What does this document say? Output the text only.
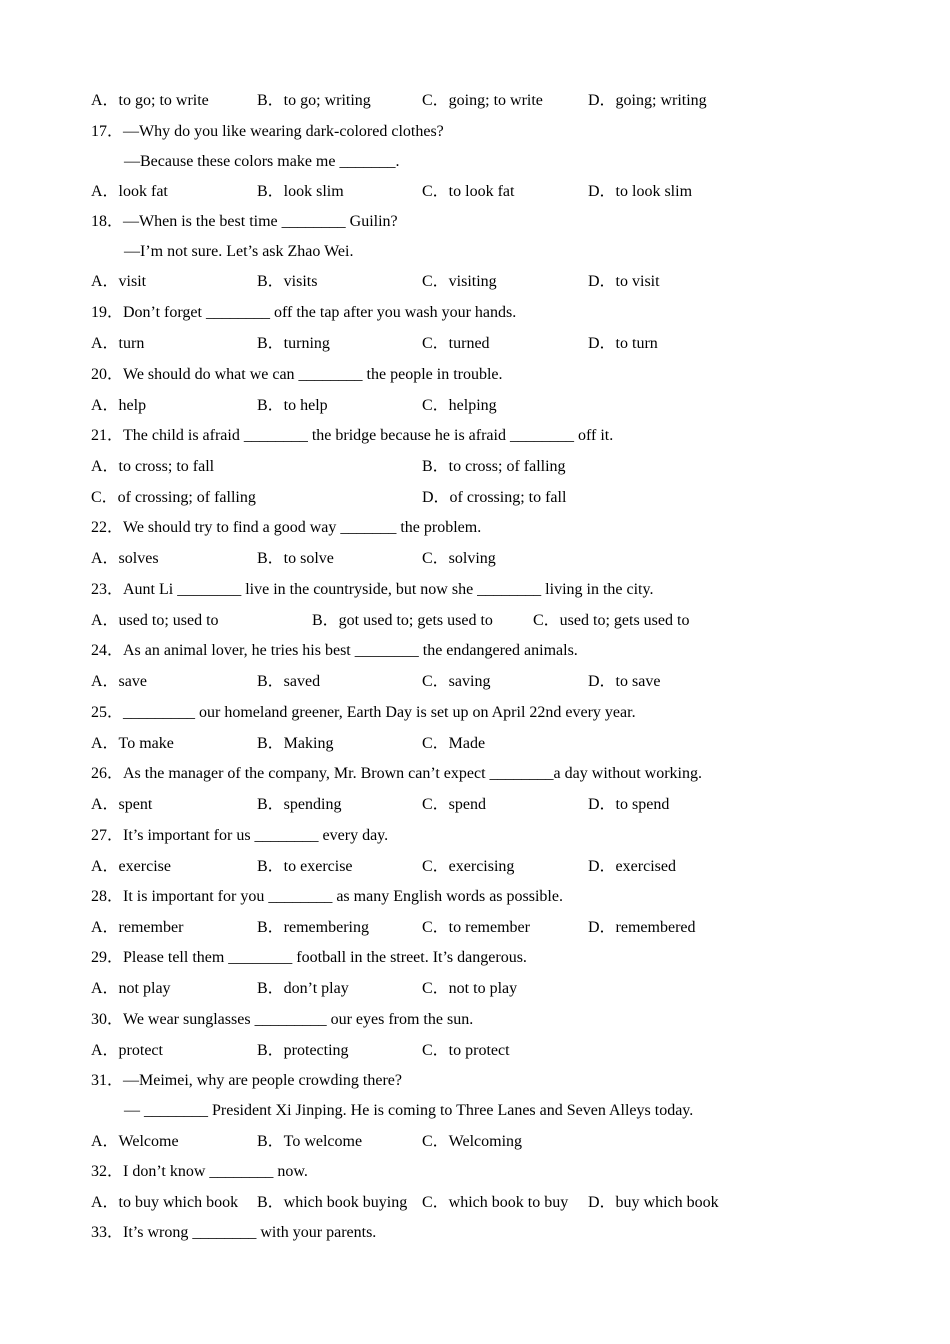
A．to go; to write	B．to go; writing	C．going; to write	D．going; writing
17．—Why do you like wearing dark-colored clothes?
—Because these colors make me _______.
A．look fat	B．look slim	C．to look fat	D．to look slim
18．—When is the best time ________ Guilin?
—I’m not sure. Let’s ask Zhao Wei.
A．visit	B．visits	C．visiting	D．to visit
19．Don’t forget ________ off the tap after you wash your hands.
A．turn	B．turning	C．turned	D．to turn
20．We should do what we can ________ the people in trouble.
A．help	B．to help	C．helping
21．The child is afraid ________ the bridge because he is afraid ________ off it.
A．to cross; to fall	B．to cross; of falling
C．of crossing; of falling	D．of crossing; to fall
22．We should try to find a good way _______ the problem.
A．solves	B．to solve	C．solving
23．Aunt Li ________ live in the countryside, but now she ________ living in the city.
A．used to; used to	B．got used to; gets used to	C．used to; gets used to
24．As an animal lover, he tries his best ________ the endangered animals.
A．save	B．saved	C．saving	D．to save
25．_________ our homeland greener, Earth Day is set up on April 22nd every year.
A．To make	B．Making	C．Made
26．As the manager of the company, Mr. Brown can’t expect ________a day without working.
A．spent	B．spending	C．spend	D．to spend
27．It’s important for us ________ every day.
A．exercise	B．to exercise	C．exercising	D．exercised
28．It is important for you ________ as many English words as possible.
A．remember	B．remembering	C．to remember	D．remembered
29．Please tell them ________ football in the street. It’s dangerous.
A．not play	B．don’t play	C．not to play
30．We wear sunglasses _________ our eyes from the sun.
A．protect	B．protecting	C．to protect
31．—Meimei, why are people crowding there?
— ________ President Xi Jinping. He is coming to Three Lanes and Seven Alleys today.
A．Welcome	B．To welcome	C．Welcoming
32．I don’t know ________ now.
A．to buy which book B．which book buying C．which book to buy D．buy which book
33．It’s wrong ________ with your parents.
